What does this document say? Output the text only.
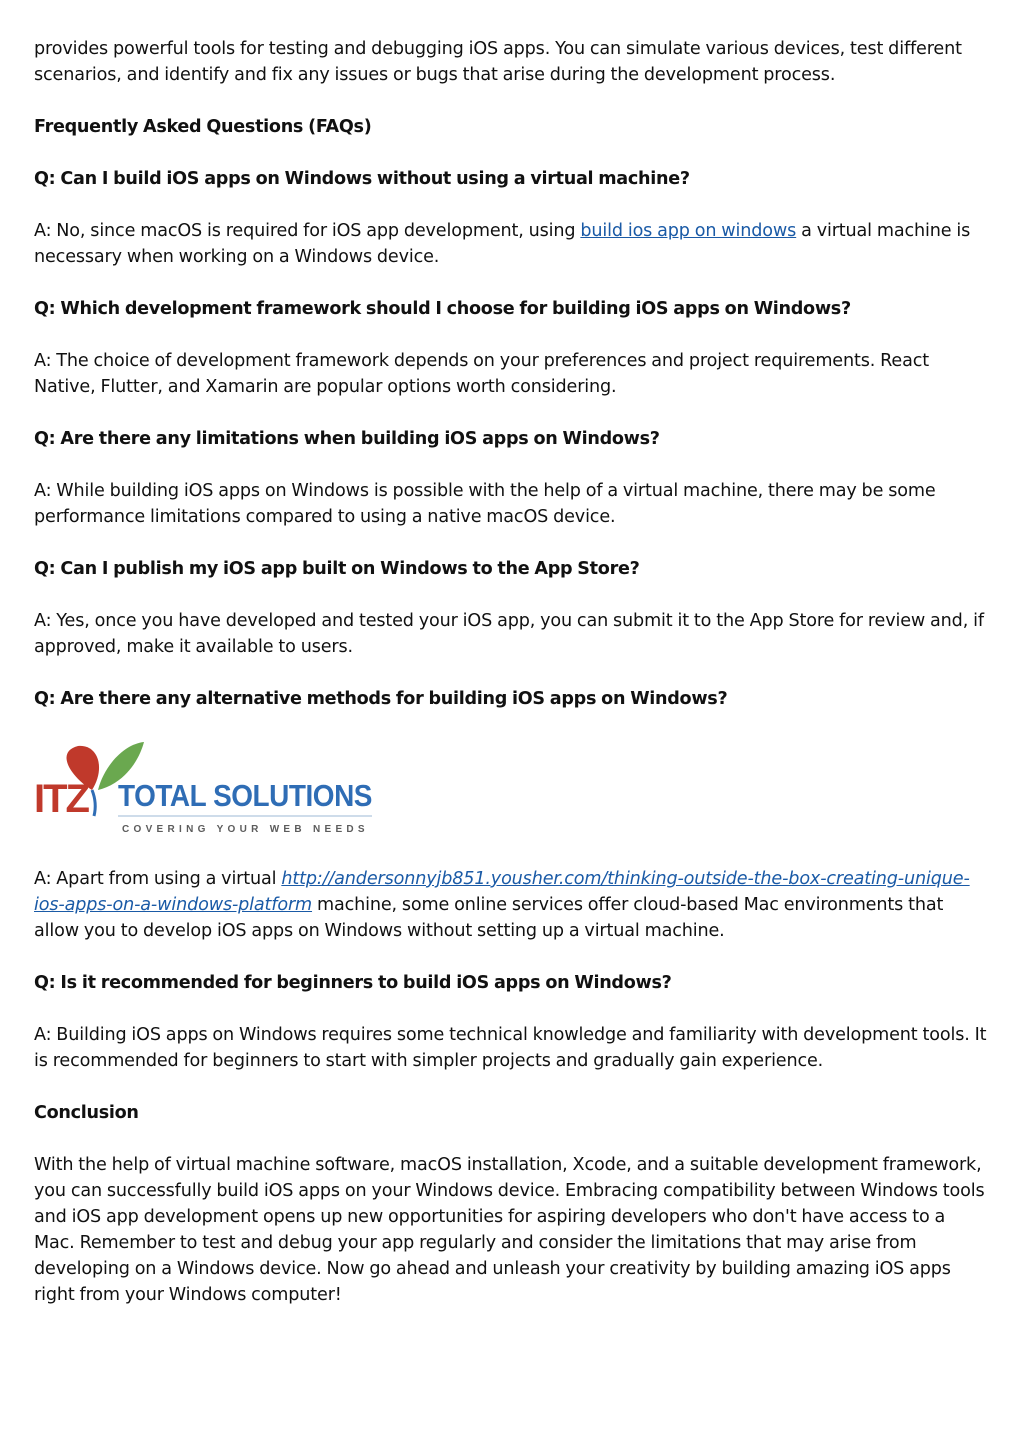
provides powerful tools for testing and debugging iOS apps. You can simulate various devices, test different scenarios, and identify and fix any issues or bugs that arise during the development process.

Frequently Asked Questions (FAQs)

Q: Can I build iOS apps on Windows without using a virtual machine?

A: No, since macOS is required for iOS app development, using build ios app on windows a virtual machine is necessary when working on a Windows device.

Q: Which development framework should I choose for building iOS apps on Windows?

A: The choice of development framework depends on your preferences and project requirements. React Native, Flutter, and Xamarin are popular options worth considering.

Q: Are there any limitations when building iOS apps on Windows?

A: While building iOS apps on Windows is possible with the help of a virtual machine, there may be some performance limitations compared to using a native macOS device.

Q: Can I publish my iOS app built on Windows to the App Store?

A: Yes, once you have developed and tested your iOS app, you can submit it to the App Store for review and, if approved, make it available to users.

Q: Are there any alternative methods for building iOS apps on Windows?

ITZ TOTAL SOLUTIONS
COVERING YOUR WEB NEEDS

A: Apart from using a virtual http://andersonnyjb851.yousher.com/thinking-outside-the-box-creating-unique-ios-apps-on-a-windows-platform machine, some online services offer cloud-based Mac environments that allow you to develop iOS apps on Windows without setting up a virtual machine.

Q: Is it recommended for beginners to build iOS apps on Windows?

A: Building iOS apps on Windows requires some technical knowledge and familiarity with development tools. It is recommended for beginners to start with simpler projects and gradually gain experience.

Conclusion

With the help of virtual machine software, macOS installation, Xcode, and a suitable development framework, you can successfully build iOS apps on your Windows device. Embracing compatibility between Windows tools and iOS app development opens up new opportunities for aspiring developers who don't have access to a Mac. Remember to test and debug your app regularly and consider the limitations that may arise from developing on a Windows device. Now go ahead and unleash your creativity by building amazing iOS apps right from your Windows computer!
